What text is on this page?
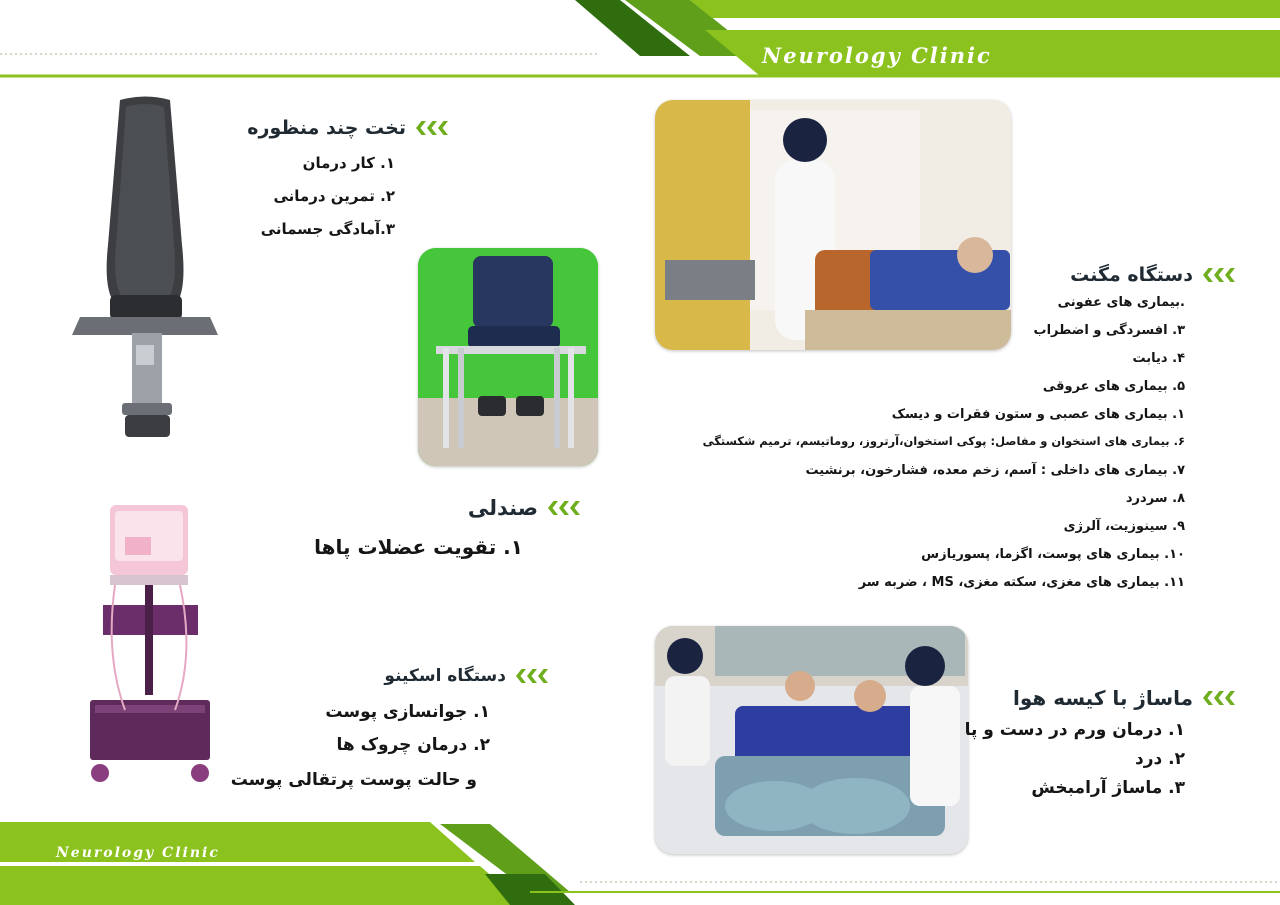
Neurology Clinic
Neurology Clinic
تخت چند منظوره
۱. کار درمان
۲. تمرین درمانی
۳.آمادگی جسمانی
صندلی
۱. تقویت عضلات پاها
دستگاه اسکینو
۱. جوانسازی پوست
۲. درمان چروک ها
و حالت پوست پرتقالی پوست
دستگاه مگنت
.بیماری های عفونی
۳. افسردگی و اضطراب
۴. دیابت
۵. بیماری های عروقی
۱. بیماری های عصبی و ستون فقرات و دیسک
۶. بیماری های استخوان و مفاصل: پوکی استخوان،آرتروز، روماتیسم، ترمیم شکستگی
۷. بیماری های داخلی : آسم، زخم معده، فشارخون، برنشیت
۸. سردرد
۹. سینوزیت، آلرژی
۱۰. بیماری های پوست، اگزما، پسوریازس
۱۱. بیماری های مغزی، سکته مغزی، MS ، ضربه سر
ماساژ با کیسه هوا
۱. درمان ورم در دست و پا
۲. درد
۳. ماساژ آرامبخش
